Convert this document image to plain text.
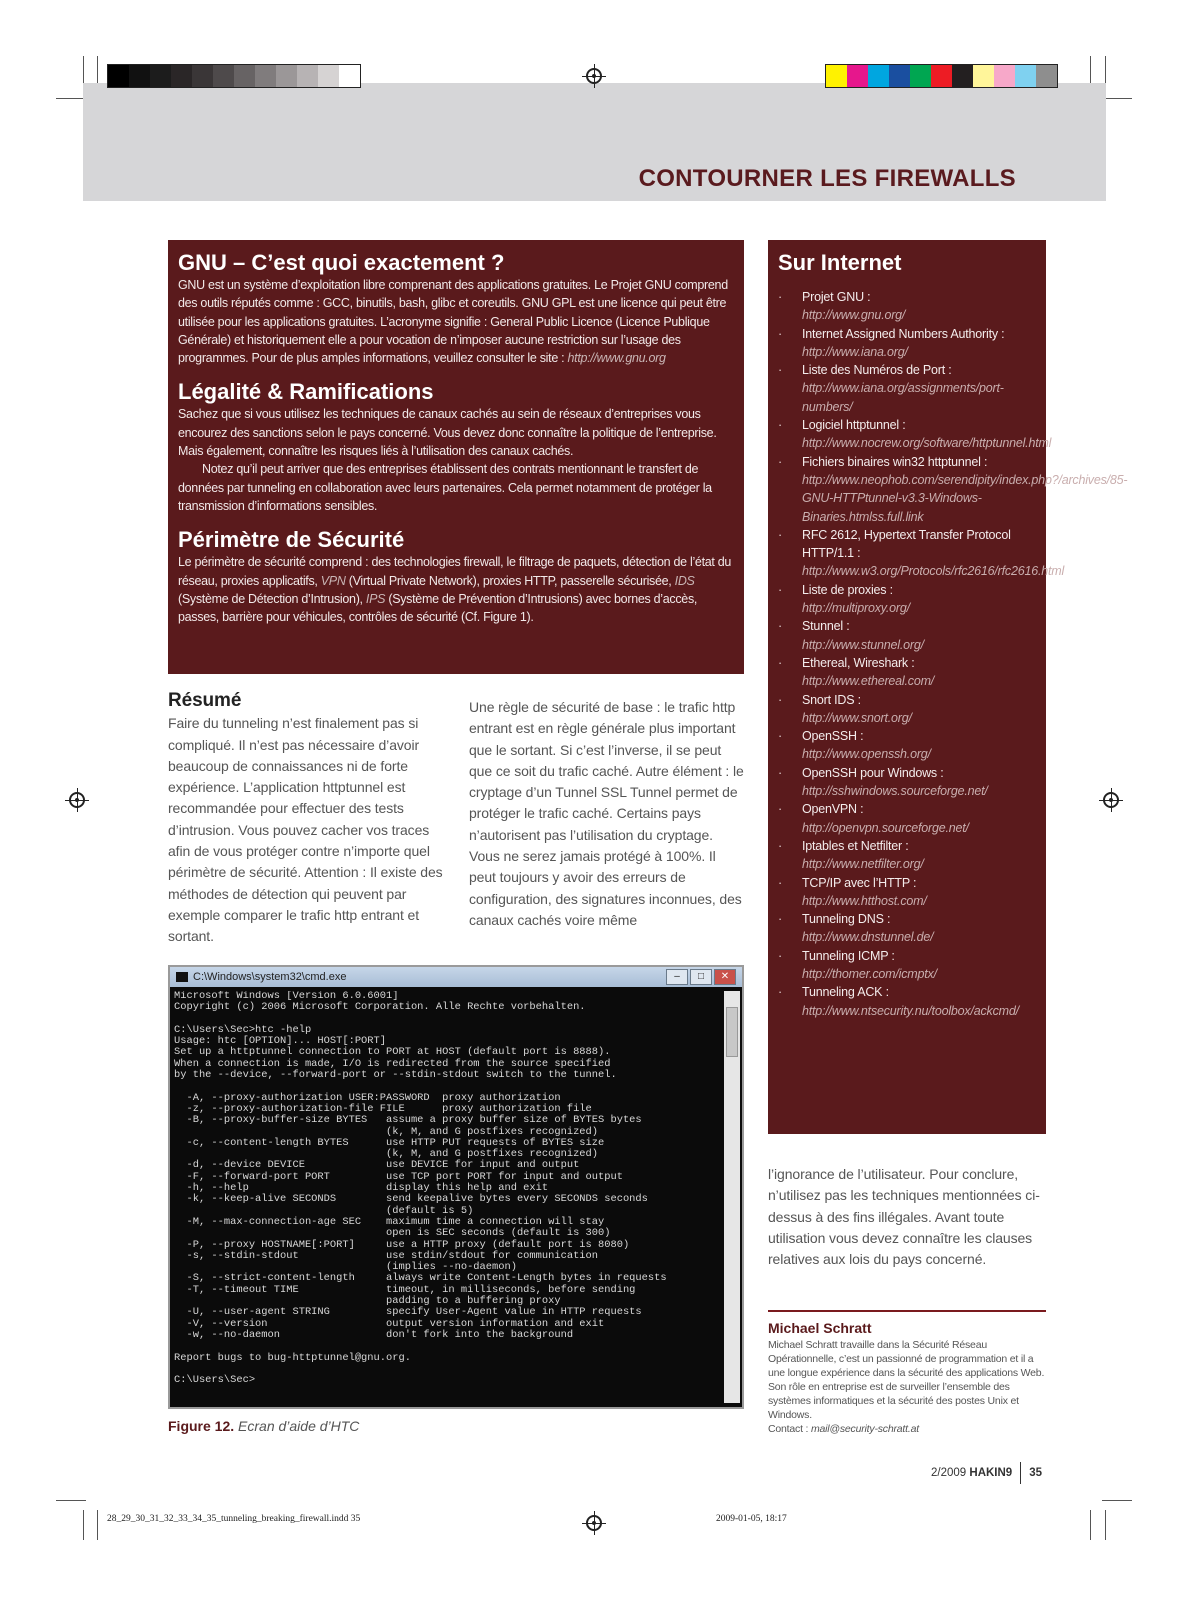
CONTOURNER LES FIREWALLS
GNU – C’est quoi exactement ?

GNU est un système d’exploitation libre comprenant des applications gratuites. Le Projet GNU comprend des outils réputés comme : GCC, binutils, bash, glibc et coreutils. GNU GPL est une licence qui peut être utilisée pour les applications gratuites. L’acronyme signifie : General Public Licence (Licence Publique Générale) et historiquement elle a pour vocation de n’imposer aucune restriction sur l’usage des programmes. Pour de plus amples informations, veuillez consulter le site : http://www.gnu.org

Légalité & Ramifications

Sachez que si vous utilisez les techniques de canaux cachés au sein de réseaux d’entreprises vous encourez des sanctions selon le pays concerné. Vous devez donc connaître la politique de l’entreprise. Mais également, connaître les risques liés à l’utilisation des canaux cachés.

Notez qu’il peut arriver que des entreprises établissent des contrats mentionnant le transfert de données par tunneling en collaboration avec leurs partenaires. Cela permet notamment de protéger la transmission d’informations sensibles.

Périmètre de Sécurité

Le périmètre de sécurité comprend : des technologies firewall, le filtrage de paquets, détection de l’état du réseau, proxies applicatifs, VPN (Virtual Private Network), proxies HTTP, passerelle sécurisée, IDS (Système de Détection d’Intrusion), IPS (Système de Prévention d’Intrusions) avec bornes d’accès, passes, barrière pour véhicules, contrôles de sécurité (Cf. Figure 1).

Sur Internet
· Projet GNU :
http://www.gnu.org/
· Internet Assigned Numbers Authority :
http://www.iana.org/
· Liste des Numéros de Port :
http://www.iana.org/assignments/port-numbers/
· Logiciel httptunnel :
http://www.nocrew.org/software/httptunnel.html
· Fichiers binaires win32 httptunnel :
http://www.neophob.com/serendipity/index.php?/archives/85-GNU-HTTPtunnel-v3.3-Windows-Binaries.htmlss.full.link
· RFC 2612, Hypertext Transfer Protocol HTTP/1.1 :
http://www.w3.org/Protocols/rfc2616/rfc2616.html
· Liste de proxies :
http://multiproxy.org/
· Stunnel :
http://www.stunnel.org/
· Ethereal, Wireshark :
http://www.ethereal.com/
· Snort IDS :
http://www.snort.org/
· OpenSSH :
http://www.openssh.org/
· OpenSSH pour Windows :
http://sshwindows.sourceforge.net/
· OpenVPN :
http://openvpn.sourceforge.net/
· Iptables et Netfilter :
http://www.netfilter.org/
· TCP/IP avec l’HTTP :
http://www.htthost.com/
· Tunneling DNS :
http://www.dnstunnel.de/
· Tunneling ICMP :
http://thomer.com/icmptx/
· Tunneling ACK :
http://www.ntsecurity.nu/toolbox/ackcmd/
Résumé
Faire du tunneling n’est finalement pas si compliqué. Il n’est pas nécessaire d’avoir beaucoup de connaissances ni de forte expérience. L’application httptunnel est recommandée pour effectuer des tests d’intrusion. Vous pouvez cacher vos traces afin de vous protéger contre n’importe quel périmètre de sécurité. Attention : Il existe des méthodes de détection qui peuvent par exemple comparer le trafic http entrant et sortant.
Une règle de sécurité de base : le trafic http entrant est en règle générale plus important que le sortant. Si c’est l’inverse, il se peut que ce soit du trafic caché. Autre élément : le cryptage d’un Tunnel SSL Tunnel permet de protéger le trafic caché. Certains pays n’autorisent pas l’utilisation du cryptage. Vous ne serez jamais protégé à 100%. Il peut toujours y avoir des erreurs de configuration, des signatures inconnues, des canaux cachés voire même
l’ignorance de l’utilisateur. Pour conclure, n’utilisez pas les techniques mentionnées ci-dessus à des fins illégales. Avant toute utilisation vous devez connaître les clauses relatives aux lois du pays concerné.
C:\Windows\system32\cmd.exe	–	□	✕
Microsoft Windows [Version 6.0.6001]
Copyright (c) 2006 Microsoft Corporation. Alle Rechte vorbehalten.

C:\Users\Sec>htc -help
Usage: htc [OPTION]... HOST[:PORT]
Set up a httptunnel connection to PORT at HOST (default port is 8888).
When a connection is made, I/O is redirected from the source specified
by the --device, --forward-port or --stdin-stdout switch to the tunnel.

-A, --proxy-authorization USER:PASSWORD  proxy authorization
-z, --proxy-authorization-file FILE      proxy authorization file
-B, --proxy-buffer-size BYTES   assume a proxy buffer size of BYTES bytes
(k, M, and G postfixes recognized)
-c, --content-length BYTES      use HTTP PUT requests of BYTES size
(k, M, and G postfixes recognized)
-d, --device DEVICE             use DEVICE for input and output
-F, --forward-port PORT         use TCP port PORT for input and output
-h, --help                      display this help and exit
-k, --keep-alive SECONDS        send keepalive bytes every SECONDS seconds
(default is 5)
-M, --max-connection-age SEC    maximum time a connection will stay
open is SEC seconds (default is 300)
-P, --proxy HOSTNAME[:PORT]     use a HTTP proxy (default port is 8080)
-s, --stdin-stdout              use stdin/stdout for communication
(implies --no-daemon)
-S, --strict-content-length     always write Content-Length bytes in requests
-T, --timeout TIME              timeout, in milliseconds, before sending
padding to a buffering proxy
-U, --user-agent STRING         specify User-Agent value in HTTP requests
-V, --version                   output version information and exit
-w, --no-daemon                 don't fork into the background

Report bugs to bug-httptunnel@gnu.org.

C:\Users\Sec>
Figure 12. Ecran d’aide d’HTC
Michael Schratt
Michael Schratt travaille dans la Sécurité Réseau Opérationnelle, c’est un passionné de programmation et il a une longue expérience dans la sécurité des applications Web. Son rôle en entreprise est de surveiller l’ensemble des systèmes informatiques et la sécurité des postes Unix et Windows.
Contact : mail@security-schratt.at
2/2009 HAKIN9 35
28_29_30_31_32_33_34_35_tunneling_breaking_firewall.indd 35	2009-01-05, 18:17
